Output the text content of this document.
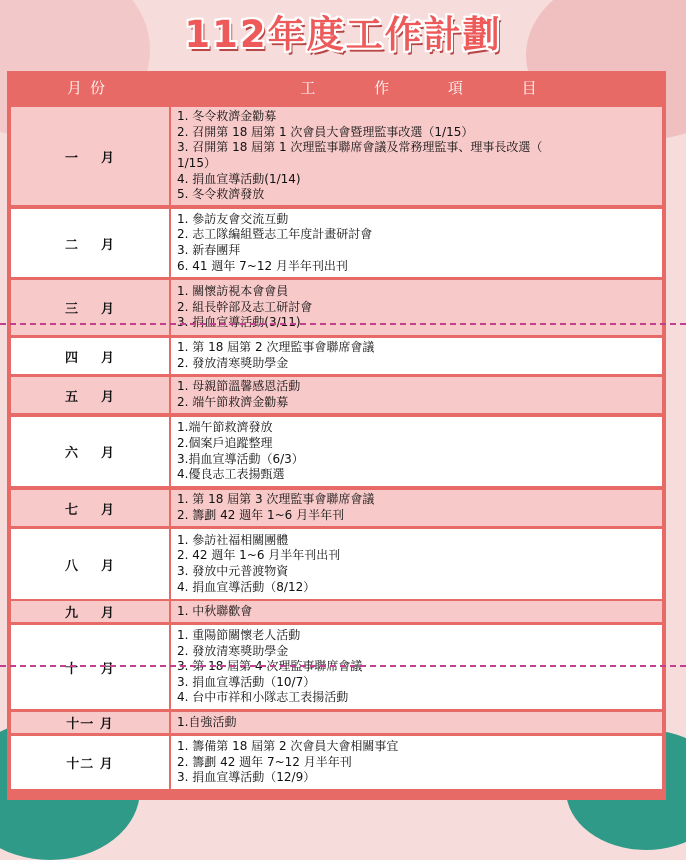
112年度工作計劃
月份	工 作 項 目
一    月
1. 冬令救濟金勸募
2. 召開第 18 屆第 1 次會員大會暨理監事改選（1/15）
3. 召開第 18 屆第 1 次理監事聯席會議及常務理監事、理事長改選（
1/15）
4. 捐血宣導活動(1/14)
5. 冬令救濟發放
二    月
1. 參訪友會交流互動
2. 志工隊編組暨志工年度計畫研討會
3. 新春團拜
6. 41 週年 7~12 月半年刊出刊
三    月
1. 關懷訪視本會會員
2. 組長幹部及志工研討會
3. 捐血宣導活動(3/11)
四    月
1. 第 18 屆第 2 次理監事會聯席會議
2. 發放清寒獎助學金
五    月
1. 母親節溫馨感恩活動
2. 端午節救濟金勸募
六    月
1.端午節救濟發放
2.個案戶追蹤整理
3.捐血宣導活動（6/3）
4.優良志工表揚甄選
七    月
1. 第 18 屆第 3 次理監事會聯席會議
2. 籌劃 42 週年 1~6 月半年刊
八    月
1. 參訪社福相關團體
2. 42 週年 1~6 月半年刊出刊
3. 發放中元普渡物資
4. 捐血宣導活動（8/12）
九    月	1. 中秋聯歡會
十    月
1. 重陽節關懷老人活動
2. 發放清寒獎助學金
3. 第 18 屆第 4 次理監事聯席會議
3. 捐血宣導活動（10/7）
4. 台中市祥和小隊志工表揚活動
十一 月	1.自強活動
十二 月
1. 籌備第 18 屆第 2 次會員大會相關事宜
2. 籌劃 42 週年 7~12 月半年刊
3. 捐血宣導活動（12/9）
